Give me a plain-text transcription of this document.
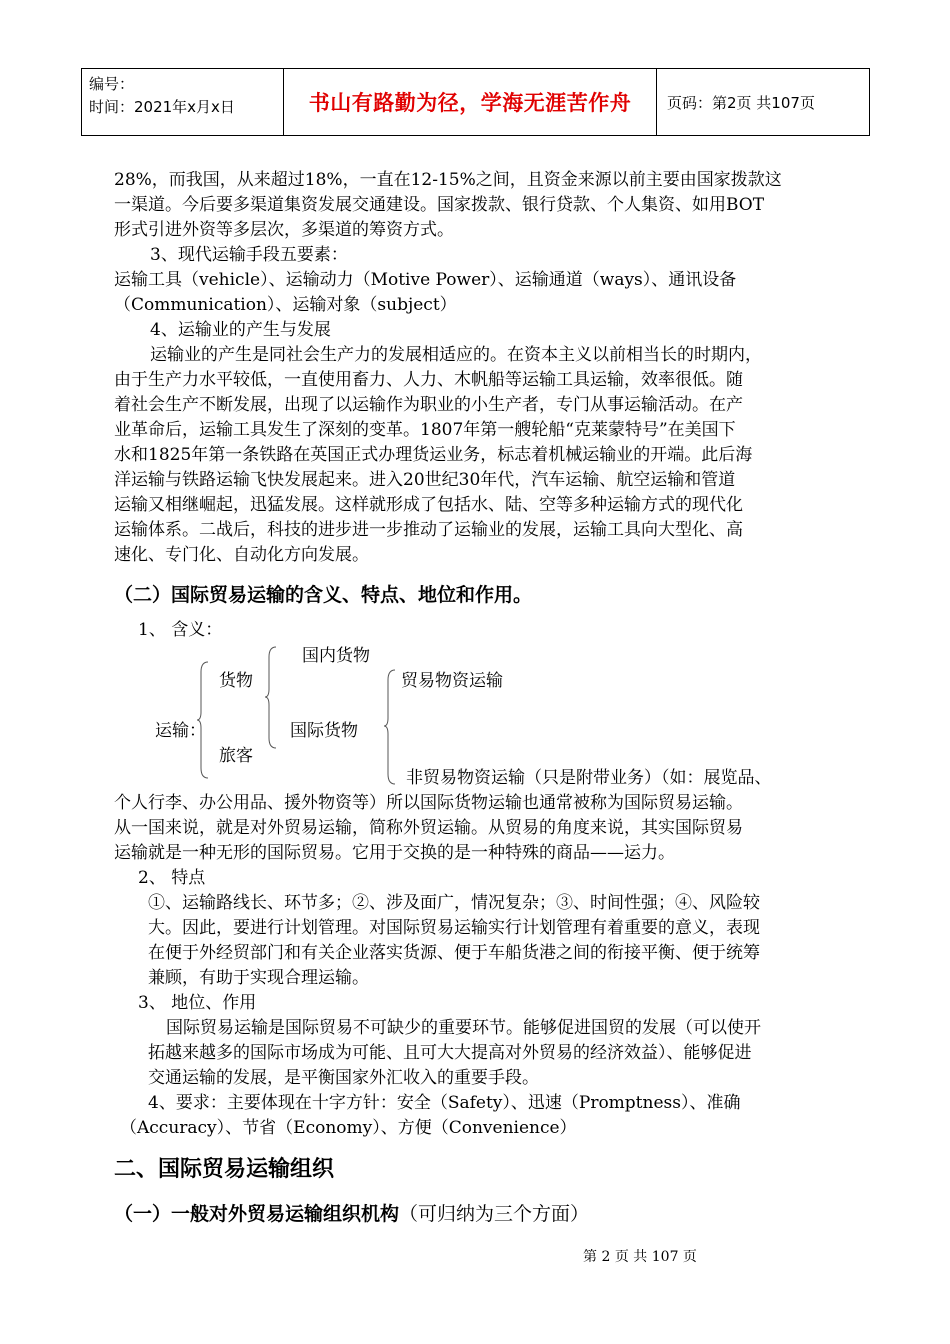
编号：
时间：2021年x月x日	书山有路勤为径，学海无涯苦作舟	页码：第2页 共107页
28%，而我国，从来超过18%，一直在12-15%之间，且资金来源以前主要由国家拨款这
一渠道。今后要多渠道集资发展交通建设。国家拨款、银行贷款、个人集资、如用BOT
形式引进外资等多层次，多渠道的筹资方式。
3、现代运输手段五要素：
运输工具（vehicle）、运输动力（Motive Power）、运输通道（ways）、通讯设备
（Communication）、运输对象（subject）
4、运输业的产生与发展
运输业的产生是同社会生产力的发展相适应的。在资本主义以前相当长的时期内，
由于生产力水平较低，一直使用畜力、人力、木帆船等运输工具运输，效率很低。随
着社会生产不断发展，出现了以运输作为职业的小生产者，专门从事运输活动。在产
业革命后，运输工具发生了深刻的变革。1807年第一艘轮船“克莱蒙特号”在美国下
水和1825年第一条铁路在英国正式办理货运业务，标志着机械运输业的开端。此后海
洋运输与铁路运输飞快发展起来。进入20世纪30年代，汽车运输、航空运输和管道
运输又相继崛起，迅猛发展。这样就形成了包括水、陆、空等多种运输方式的现代化
运输体系。二战后，科技的进步进一步推动了运输业的发展，运输工具向大型化、高
速化、专门化、自动化方向发展。
（二）国际贸易运输的含义、特点、地位和作用。
1、 含义：
运输：
货物
旅客
国内货物
国际货物
贸易物资运输
非贸易物资运输（只是附带业务）（如：展览品、
个人行李、办公用品、援外物资等）所以国际货物运输也通常被称为国际贸易运输。
从一国来说，就是对外贸易运输，简称外贸运输。从贸易的角度来说，其实国际贸易
运输就是一种无形的国际贸易。它用于交换的是一种特殊的商品——运力。
2、 特点
①、运输路线长、环节多；②、涉及面广，情况复杂；③、时间性强；④、风险较
大。因此，要进行计划管理。对国际贸易运输实行计划管理有着重要的意义，表现
在便于外经贸部门和有关企业落实货源、便于车船货港之间的衔接平衡、便于统筹
兼顾，有助于实现合理运输。
3、 地位、作用
国际贸易运输是国际贸易不可缺少的重要环节。能够促进国贸的发展（可以使开
拓越来越多的国际市场成为可能、且可大大提高对外贸易的经济效益）、能够促进
交通运输的发展，是平衡国家外汇收入的重要手段。
4、要求：主要体现在十字方针：安全（Safety）、迅速（Promptness）、准确
（Accuracy）、节省（Economy）、方便（Convenience）
二、国际贸易运输组织
（一）一般对外贸易运输组织机构（可归纳为三个方面）
第 2 页 共 107 页
